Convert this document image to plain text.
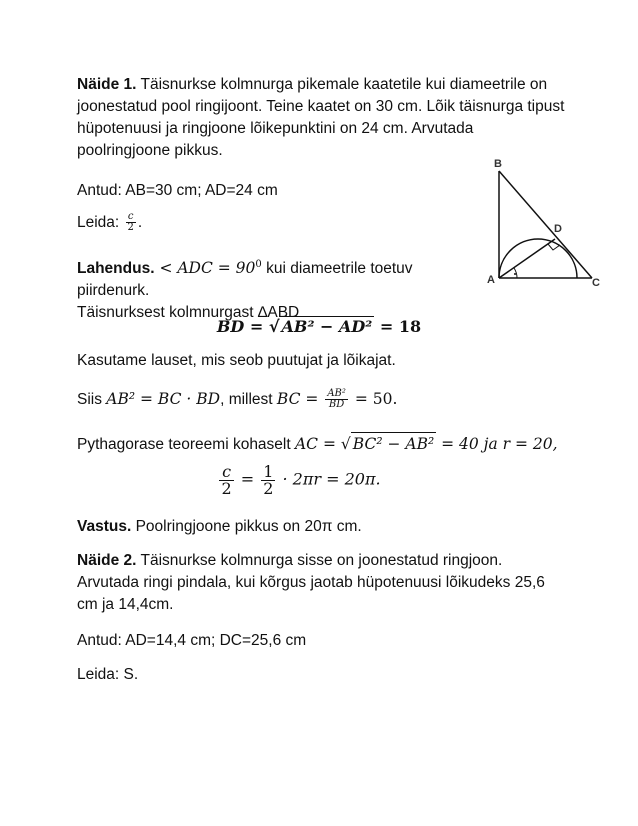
Näide 1. Täisnurkse kolmnurga pikemale kaatetile kui diameetrile on joonestatud pool ringijoont. Teine kaatet on 30 cm. Lõik täisnurga tipust hüpotenuusi ja ringjoone lõikepunktini on 24 cm. Arvutada poolringjoone pikkus.

Antud: AB=30 cm; AD=24 cm

Leida: $\frac{c}{2}$ .

Lahendus. < ADC = $90^0$ kui diameetrile toetuv piirdenurk.
Täisnurksest kolmnurgast ∆ABD

BD = √ AB² − AD² = 18

Kasutame lauset, mis seob puutujat ja lõikajat.

Siis AB² = BC · BD, millest BC = $\frac{\text{AB²}}{BD} = 50$.

Pythagorase teoreemi kohaselt AC = √ BC² − AB² = 40 ja r = 20,

$\frac{c}{2} = \frac{1}{2} \cdot 2\pi r = 20\pi$.

Vastus. Poolringjoone pikkus on 20π cm.

Näide 2. Täisnurkse kolmnurga sisse on joonestatud ringjoon. Arvutada ringi pindala, kui kõrgus jaotab hüpotenuusi lõikudeks 25,6 cm ja 14,4cm.

Antud: AD=14,4 cm; DC=25,6 cm

Leida: S.

B
A	C
D
